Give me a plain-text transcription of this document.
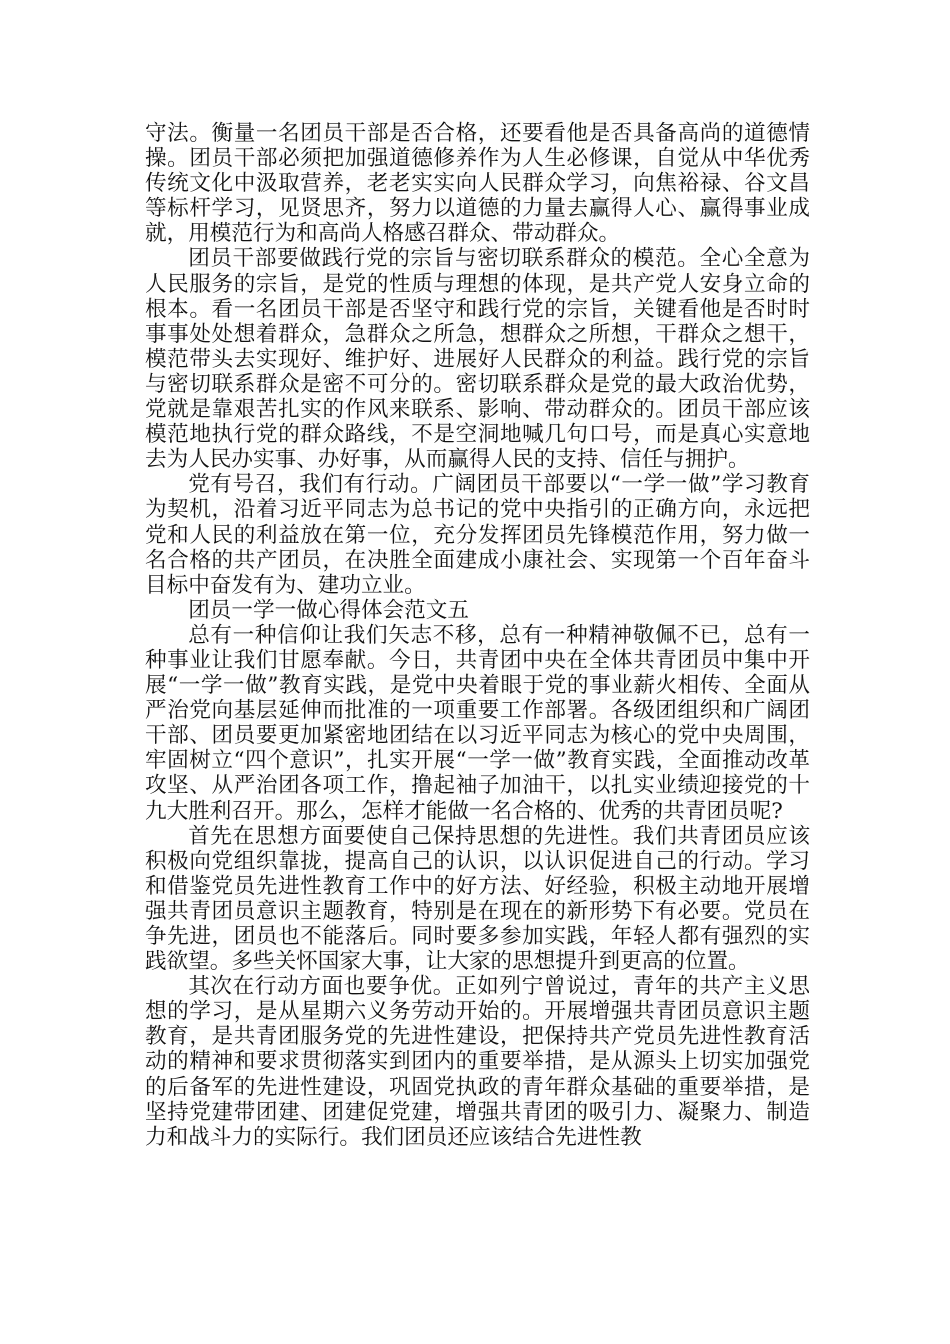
守法。衡量一名团员干部是否合格，还要看他是否具备高尚的道德情操。团员干部必须把加强道德修养作为人生必修课，自觉从中华优秀传统文化中汲取营养，老老实实向人民群众学习，向焦裕禄、谷文昌等标杆学习，见贤思齐，努力以道德的力量去赢得人心、赢得事业成就，用模范行为和高尚人格感召群众、带动群众。

团员干部要做践行党的宗旨与密切联系群众的模范。全心全意为人民服务的宗旨，是党的性质与理想的体现，是共产党人安身立命的根本。看一名团员干部是否坚守和践行党的宗旨，关键看他是否时时事事处处想着群众，急群众之所急，想群众之所想，干群众之想干，模范带头去实现好、维护好、进展好人民群众的利益。践行党的宗旨与密切联系群众是密不可分的。密切联系群众是党的最大政治优势，党就是靠艰苦扎实的作风来联系、影响、带动群众的。团员干部应该模范地执行党的群众路线，不是空洞地喊几句口号，而是真心实意地去为人民办实事、办好事，从而赢得人民的支持、信任与拥护。

党有号召，我们有行动。广阔团员干部要以“一学一做”学习教育为契机，沿着习近平同志为总书记的党中央指引的正确方向，永远把党和人民的利益放在第一位，充分发挥团员先锋模范作用，努力做一名合格的共产团员，在决胜全面建成小康社会、实现第一个百年奋斗目标中奋发有为、建功立业。

团员一学一做心得体会范文五

总有一种信仰让我们矢志不移，总有一种精神敬佩不已，总有一种事业让我们甘愿奉献。今日，共青团中央在全体共青团员中集中开展“一学一做”教育实践，是党中央着眼于党的事业薪火相传、全面从严治党向基层延伸而批准的一项重要工作部署。各级团组织和广阔团干部、团员要更加紧密地团结在以习近平同志为核心的党中央周围，牢固树立“四个意识”，扎实开展“一学一做”教育实践，全面推动改革攻坚、从严治团各项工作，撸起袖子加油干，以扎实业绩迎接党的十九大胜利召开。那么，怎样才能做一名合格的、优秀的共青团员呢?

首先在思想方面要使自己保持思想的先进性。我们共青团员应该积极向党组织靠拢，提高自己的认识，以认识促进自己的行动。学习和借鉴党员先进性教育工作中的好方法、好经验，积极主动地开展增强共青团员意识主题教育，特别是在现在的新形势下有必要。党员在争先进，团员也不能落后。同时要多参加实践，年轻人都有强烈的实践欲望。多些关怀国家大事，让大家的思想提升到更高的位置。

其次在行动方面也要争优。正如列宁曾说过，青年的共产主义思想的学习，是从星期六义务劳动开始的。开展增强共青团员意识主题教育，是共青团服务党的先进性建设，把保持共产党员先进性教育活动的精神和要求贯彻落实到团内的重要举措，是从源头上切实加强党的后备军的先进性建设，巩固党执政的青年群众基础的重要举措，是坚持党建带团建、团建促党建，增强共青团的吸引力、凝聚力、制造力和战斗力的实际行。我们团员还应该结合先进性教
